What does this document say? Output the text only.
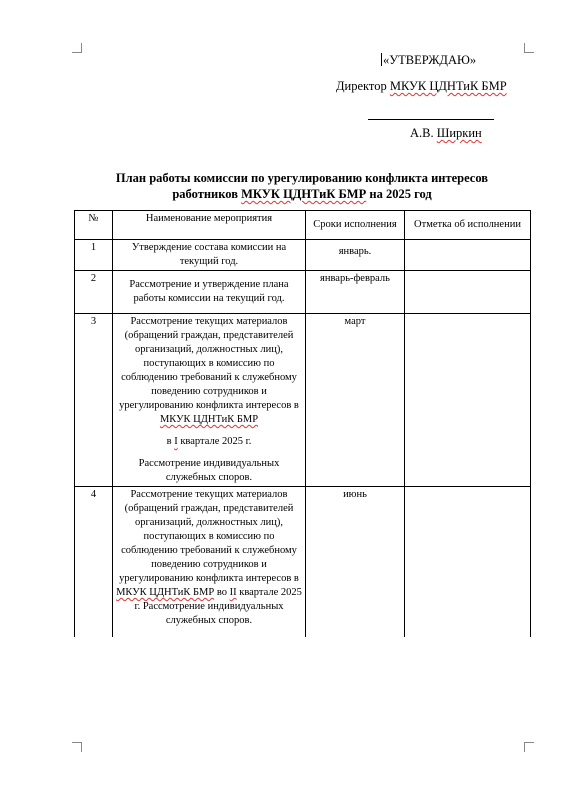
«УТВЕРЖДАЮ»
Директор МКУК ЦДНТиК БМР
А.В. Ширкин
План работы комиссии по урегулированию конфликта интересов
работников МКУК ЦДНТиК БМР на 2025 год
№	Наименование мероприятия	Сроки исполнения	Отметка об исполнении
1	Утверждение состава комиссии на текущий год.	январь.	
2	Рассмотрение и утверждение плана работы комиссии на текущий год.	январь-февраль	
3	Рассмотрение текущих материалов (обращений граждан, представителей организаций, должностных лиц), поступающих в комиссию по соблюдению требований к служебному поведению сотрудников и урегулированию конфликта интересов в МКУК ЦДНТиК БМР

в I квартале 2025 г.

Рассмотрение индивидуальных служебных споров.	март	
4	Рассмотрение текущих материалов (обращений граждан, представителей организаций, должностных лиц), поступающих в комиссию по соблюдению требований к служебному поведению сотрудников и урегулированию конфликта интересов в МКУК ЦДНТиК БМР во II квартале 2025 г. Рассмотрение индивидуальных служебных споров.	июнь	
